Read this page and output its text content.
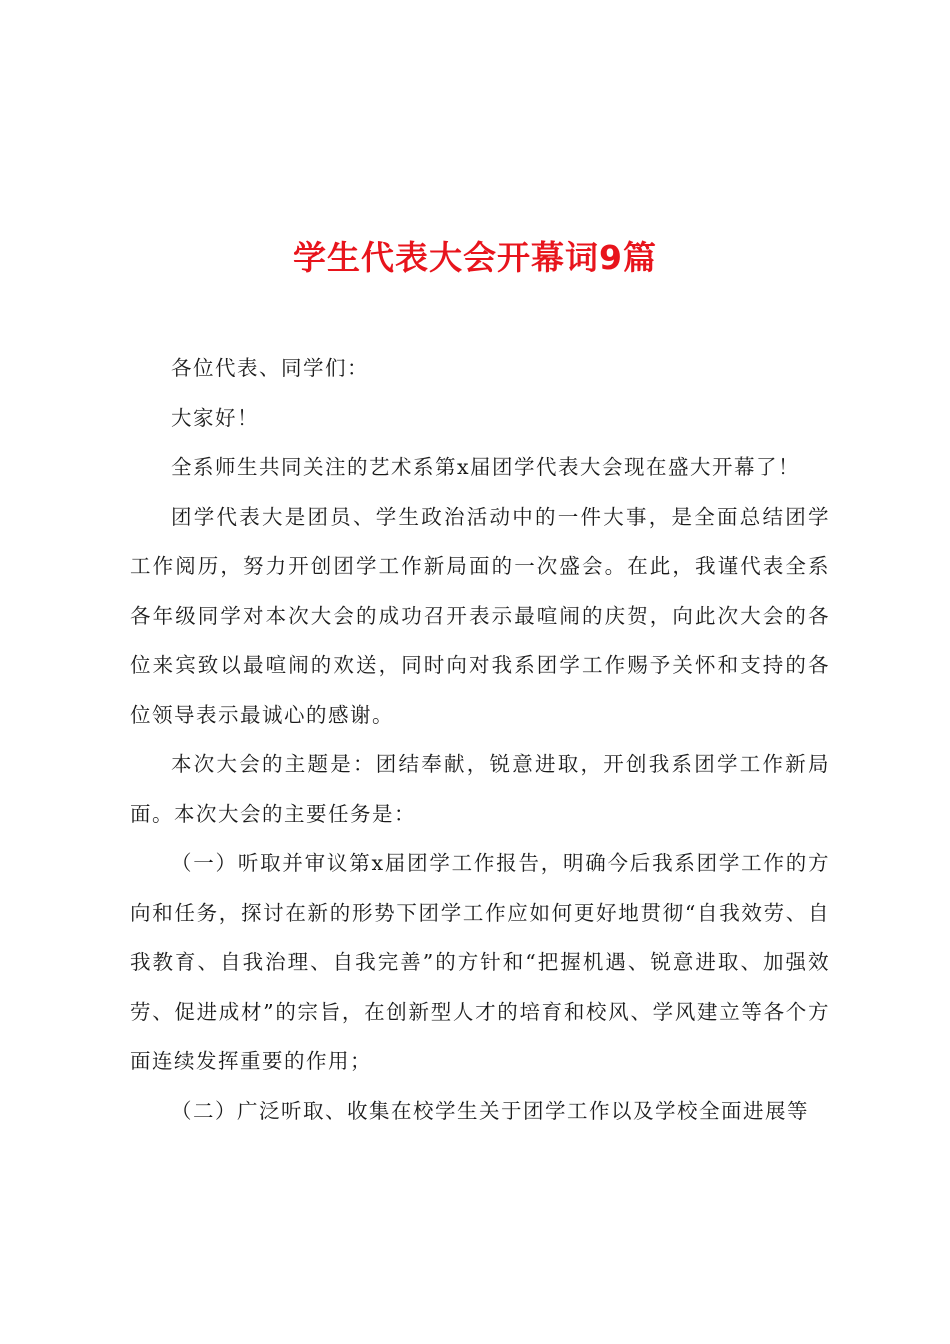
学生代表大会开幕词9篇

各位代表、同学们：

大家好！

全系师生共同关注的艺术系第x届团学代表大会现在盛大开幕了！

团学代表大是团员、学生政治活动中的一件大事，是全面总结团学工作阅历，努力开创团学工作新局面的一次盛会。在此，我谨代表全系各年级同学对本次大会的成功召开表示最喧闹的庆贺，向此次大会的各位来宾致以最喧闹的欢送，同时向对我系团学工作赐予关怀和支持的各位领导表示最诚心的感谢。

本次大会的主题是：团结奉献，锐意进取，开创我系团学工作新局面。本次大会的主要任务是：

（一）听取并审议第x届团学工作报告，明确今后我系团学工作的方向和任务，探讨在新的形势下团学工作应如何更好地贯彻“自我效劳、自我教育、自我治理、自我完善”的方针和“把握机遇、锐意进取、加强效劳、促进成材”的宗旨，在创新型人才的培育和校风、学风建立等各个方面连续发挥重要的作用；

（二）广泛听取、收集在校学生关于团学工作以及学校全面进展等
